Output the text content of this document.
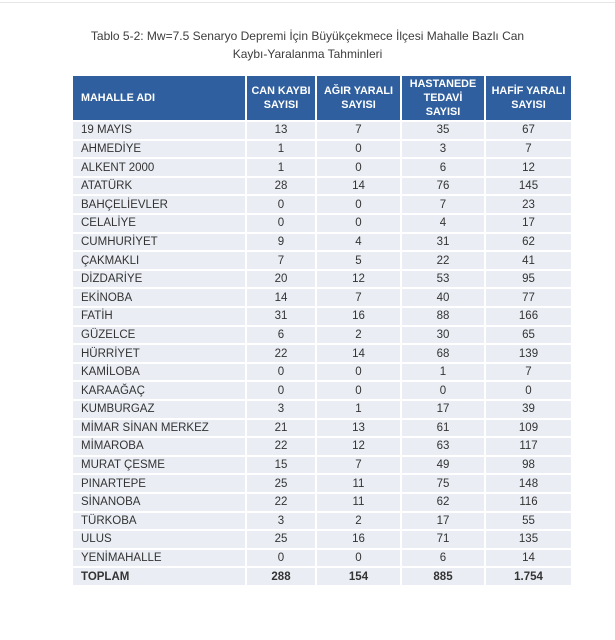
Tablo 5-2: Mw=7.5 Senaryo Depremi İçin Büyükçekmece İlçesi Mahalle Bazlı Can
Kaybı-Yaralanma Tahminleri
MAHALLE ADI	CAN KAYBI SAYISI	AĞIR YARALI SAYISI	HASTANEDE TEDAVİ SAYISI	HAFİF YARALI SAYISI
19 MAYIS	13	7	35	67
AHMEDİYE	1	0	3	7
ALKENT 2000	1	0	6	12
ATATÜRK	28	14	76	145
BAHÇELİEVLER	0	0	7	23
CELALİYE	0	0	4	17
CUMHURİYET	9	4	31	62
ÇAKMAKLI	7	5	22	41
DİZDARİYE	20	12	53	95
EKİNOBA	14	7	40	77
FATİH	31	16	88	166
GÜZELCE	6	2	30	65
HÜRRİYET	22	14	68	139
KAMİLOBA	0	0	1	7
KARAAĞAÇ	0	0	0	0
KUMBURGAZ	3	1	17	39
MİMAR SİNAN MERKEZ	21	13	61	109
MİMAROBA	22	12	63	117
MURAT ÇESME	15	7	49	98
PINARTEPE	25	11	75	148
SİNANOBA	22	11	62	116
TÜRKOBA	3	2	17	55
ULUS	25	16	71	135
YENİMAHALLE	0	0	6	14
TOPLAM	288	154	885	1.754
